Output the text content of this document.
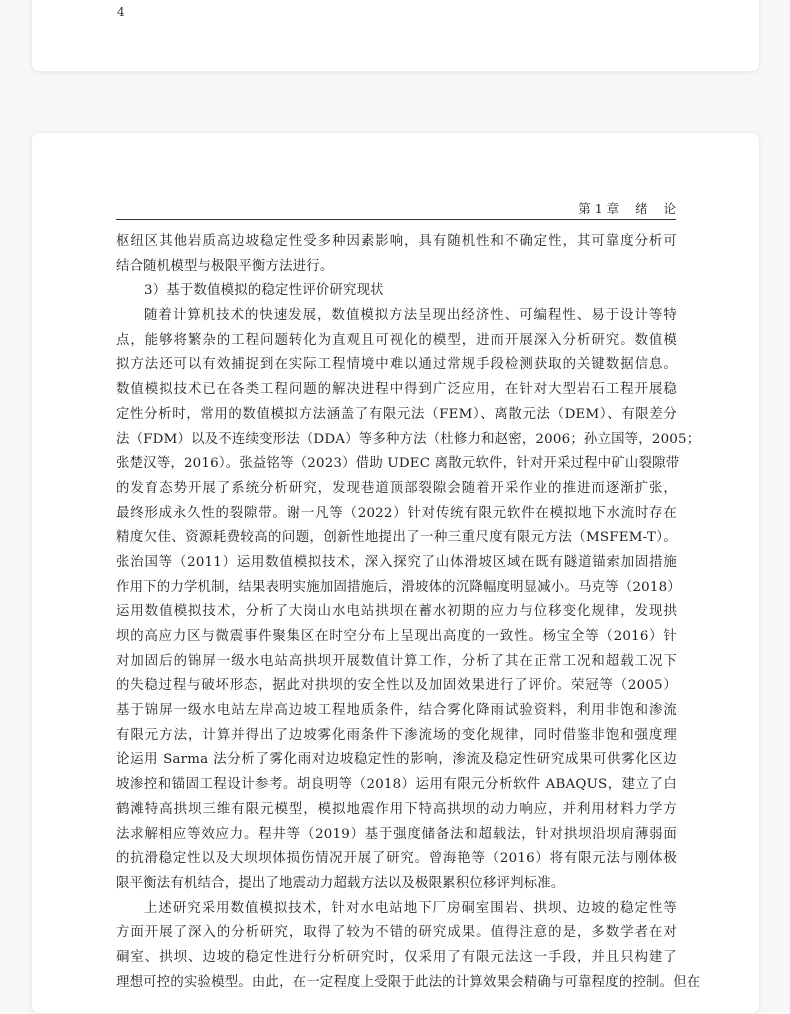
4
第 1 章 绪    论
枢纽区其他岩质高边坡稳定性受多种因素影响，具有随机性和不确定性，其可靠度分析可
结合随机模型与极限平衡方法进行。
3）基于数值模拟的稳定性评价研究现状
随着计算机技术的快速发展，数值模拟方法呈现出经济性、可编程性、易于设计等特
点，能够将繁杂的工程问题转化为直观且可视化的模型，进而开展深入分析研究。数值模
拟方法还可以有效捕捉到在实际工程情境中难以通过常规手段检测获取的关键数据信息。
数值模拟技术已在各类工程问题的解决进程中得到广泛应用，在针对大型岩石工程开展稳
定性分析时，常用的数值模拟方法涵盖了有限元法（FEM）、离散元法（DEM）、有限差分
法（FDM）以及不连续变形法（DDA）等多种方法（杜修力和赵密，2006；孙立国等，2005；
张楚汉等，2016）。张益铭等（2023）借助 UDEC 离散元软件，针对开采过程中矿山裂隙带
的发育态势开展了系统分析研究，发现巷道顶部裂隙会随着开采作业的推进而逐渐扩张，
最终形成永久性的裂隙带。谢一凡等（2022）针对传统有限元软件在模拟地下水流时存在
精度欠佳、资源耗费较高的问题，创新性地提出了一种三重尺度有限元方法（MSFEM-T）。
张治国等（2011）运用数值模拟技术，深入探究了山体滑坡区域在既有隧道锚索加固措施
作用下的力学机制，结果表明实施加固措施后，滑坡体的沉降幅度明显减小。马克等（2018）
运用数值模拟技术，分析了大岗山水电站拱坝在蓄水初期的应力与位移变化规律，发现拱
坝的高应力区与微震事件聚集区在时空分布上呈现出高度的一致性。杨宝全等（2016）针
对加固后的锦屏一级水电站高拱坝开展数值计算工作，分析了其在正常工况和超载工况下
的失稳过程与破坏形态，据此对拱坝的安全性以及加固效果进行了评价。荣冠等（2005）
基于锦屏一级水电站左岸高边坡工程地质条件，结合雾化降雨试验资料，利用非饱和渗流
有限元方法，计算并得出了边坡雾化雨条件下渗流场的变化规律，同时借鉴非饱和强度理
论运用 Sarma 法分析了雾化雨对边坡稳定性的影响，渗流及稳定性研究成果可供雾化区边
坡渗控和锚固工程设计参考。胡良明等（2018）运用有限元分析软件 ABAQUS，建立了白
鹤滩特高拱坝三维有限元模型，模拟地震作用下特高拱坝的动力响应，并利用材料力学方
法求解相应等效应力。程井等（2019）基于强度储备法和超载法，针对拱坝沿坝肩薄弱面
的抗滑稳定性以及大坝坝体损伤情况开展了研究。曾海艳等（2016）将有限元法与刚体极
限平衡法有机结合，提出了地震动力超载方法以及极限累积位移评判标准。
上述研究采用数值模拟技术，针对水电站地下厂房硐室围岩、拱坝、边坡的稳定性等
方面开展了深入的分析研究，取得了较为不错的研究成果。值得注意的是，多数学者在对
硐室、拱坝、边坡的稳定性进行分析研究时，仅采用了有限元法这一手段，并且只构建了
理想可控的实验模型。由此，在一定程度上受限于此法的计算效果会精确与可靠程度的控制。但在
